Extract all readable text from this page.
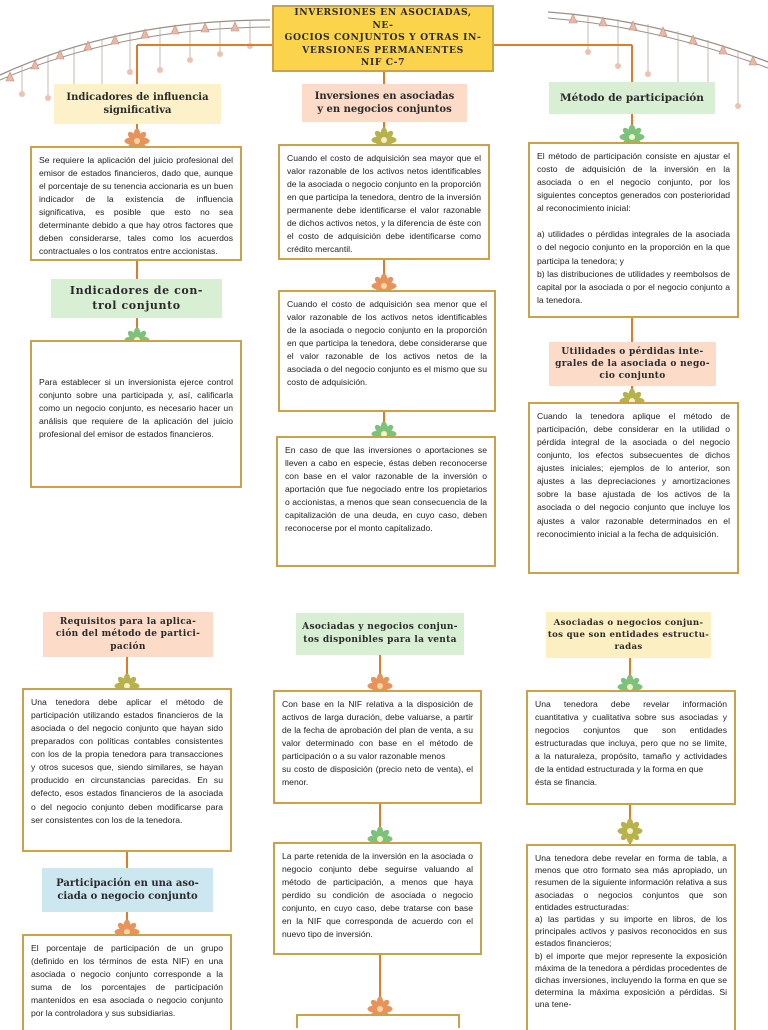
INVERSIONES EN ASOCIADAS, NE-
GOCIOS CONJUNTOS Y OTRAS IN-
VERSIONES PERMANENTES
NIF C-7
Indicadores de influencia
significativa
Inversiones en asociadas
y en negocios conjuntos
Método de participación
Se requiere la aplicación del juicio profesional del emisor de estados financieros, dado que, aunque el porcentaje de su tenencia accionaria es un buen indicador de la existencia de influencia significativa, es posible que esto no sea determinante debido a que hay otros factores que deben considerarse, tales como los acuerdos contractuales o los contratos entre accionistas.
Indicadores de con-
trol conjunto
Para establecer si un inversionista ejerce control conjunto sobre una participada y, así, calificarla como un negocio conjunto, es necesario hacer un análisis que requiere de la aplicación del juicio profesional del emisor de estados financieros.
Cuando el costo de adquisición sea mayor que el valor razonable de los activos netos identificables de la asociada o negocio conjunto en la proporción en que participa la tenedora, dentro de la inversión permanente debe identificarse el valor razonable de dichos activos netos, y la diferencia de éste con el costo de adquisición debe identificarse como crédito mercantil.
Cuando el costo de adquisición sea menor que el valor razonable de los activos netos identificables de la asociada o negocio conjunto en la proporción en que participa la tenedora, debe considerarse que el valor razonable de los activos netos de la asociada o del negocio conjunto es el mismo que su costo de adquisición.
En caso de que las inversiones o aportaciones se lleven a cabo en especie, éstas deben reconocerse con base en el valor razonable de la inversión o aportación que fue negociado entre los propietarios o accionistas, a menos que sean consecuencia de la capitalización de una deuda, en cuyo caso, deben reconocerse por el monto capitalizado.
El método de participación consiste en ajustar el costo de adquisición de la inversión en la asociada o en el negocio conjunto, por los siguientes conceptos generados con posterioridad al reconocimiento inicial:

a) utilidades o pérdidas integrales de la asociada o del negocio conjunto en la proporción en la que participa la tenedora; y
b) las distribuciones de utilidades y reembolsos de capital por la asociada o por el negocio conjunto a la tenedora.
Utilidades o pérdidas inte-
grales de la asociada o nego-
cio conjunto
Cuando la tenedora aplique el método de participación, debe considerar en la utilidad o pérdida integral de la asociada o del negocio conjunto, los efectos subsecuentes de dichos ajustes iniciales; ejemplos de lo anterior, son ajustes a las depreciaciones y amortizaciones sobre la base ajustada de los activos de la asociada o del negocio conjunto que incluye los ajustes a valor razonable determinados en el reconocimiento inicial a la fecha de adquisición.
Requisitos para la aplica-
ción del método de partici-
pación
Una tenedora debe aplicar el método de participación utilizando estados financieros de la asociada o del negocio conjunto que hayan sido preparados con políticas contables consistentes con los de la propia tenedora para transacciones y otros sucesos que, siendo similares, se hayan producido en circunstancias parecidas. En su defecto, esos estados financieros de la asociada o del negocio conjunto deben modificarse para ser consistentes con los de la tenedora.
Participación en una aso-
ciada o negocio conjunto
El porcentaje de participación de un grupo (definido en los términos de esta NIF) en una asociada o negocio conjunto corresponde a la suma de los porcentajes de participación mantenidos en esa asociada o negocio conjunto por la controladora y sus subsidiarias.
Asociadas y negocios conjun-
tos disponibles para la venta
Con base en la NIF relativa a la disposición de activos de larga duración, debe valuarse, a partir de la fecha de aprobación del plan de venta, a su valor determinado con base en el método de participación o a su valor razonable menos
su costo de disposición (precio neto de venta), el menor.
La parte retenida de la inversión en la asociada o negocio conjunto debe seguirse valuando al método de participación, a menos que haya perdido su condición de asociada o negocio conjunto, en cuyo caso, debe tratarse con base en la NIF que corresponda de acuerdo con el nuevo tipo de inversión.
Asociadas o negocios conjun-
tos que son entidades estructu-
radas
Una tenedora debe revelar información cuantitativa y cualitativa sobre sus asociadas y negocios conjuntos que son entidades estructuradas que incluya, pero que no se limite, a la naturaleza, propósito, tamaño y actividades de la entidad estructurada y la forma en que
ésta se financia.
Una tenedora debe revelar en forma de tabla, a menos que otro formato sea más apropiado, un resumen de la siguiente información relativa a sus asociadas o negocios conjuntos que son entidades estructuradas:
a) las partidas y su importe en libros, de los principales activos y pasivos reconocidos en sus estados financieros;
b) el importe que mejor represente la exposición máxima de la tenedora a pérdidas procedentes de dichas inversiones, incluyendo la forma en que se determina la máxima exposición a pérdidas. Si una tene-
